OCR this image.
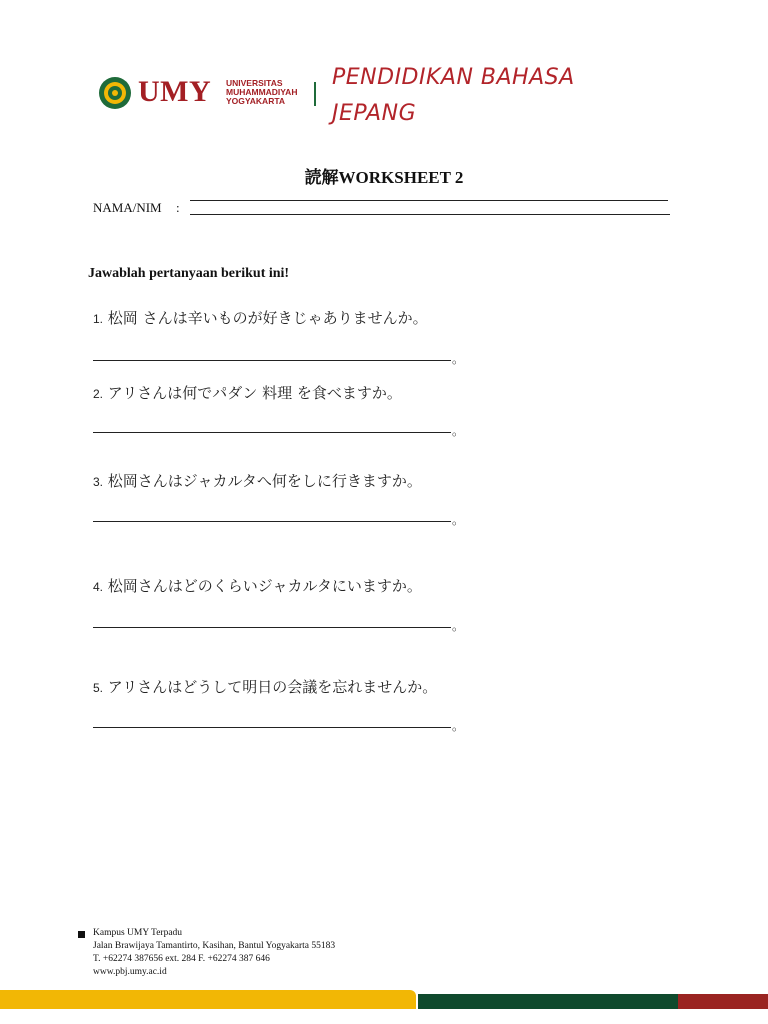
UMY UNIVERSITAS
MUHAMMADIYAH
YOGYAKARTA
PENDIDIKAN BAHASA
JEPANG
読解WORKSHEET 2
NAMA/NIM :
Jawablah pertanyaan berikut ini!
1. 松岡 さんは辛いものが好きじゃありませんか。
。
2. アリさんは何でパダン 料理 を食べますか。
。
3. 松岡さんはジャカルタへ何をしに行きますか。
。
4. 松岡さんはどのくらいジャカルタにいますか。
。
5. アリさんはどうして明日の会議を忘れませんか。
。
Kampus UMY Terpadu
Jalan Brawijaya Tamantirto, Kasihan, Bantul Yogyakarta 55183
T. +62274 387656 ext. 284 F. +62274 387 646
www.pbj.umy.ac.id
